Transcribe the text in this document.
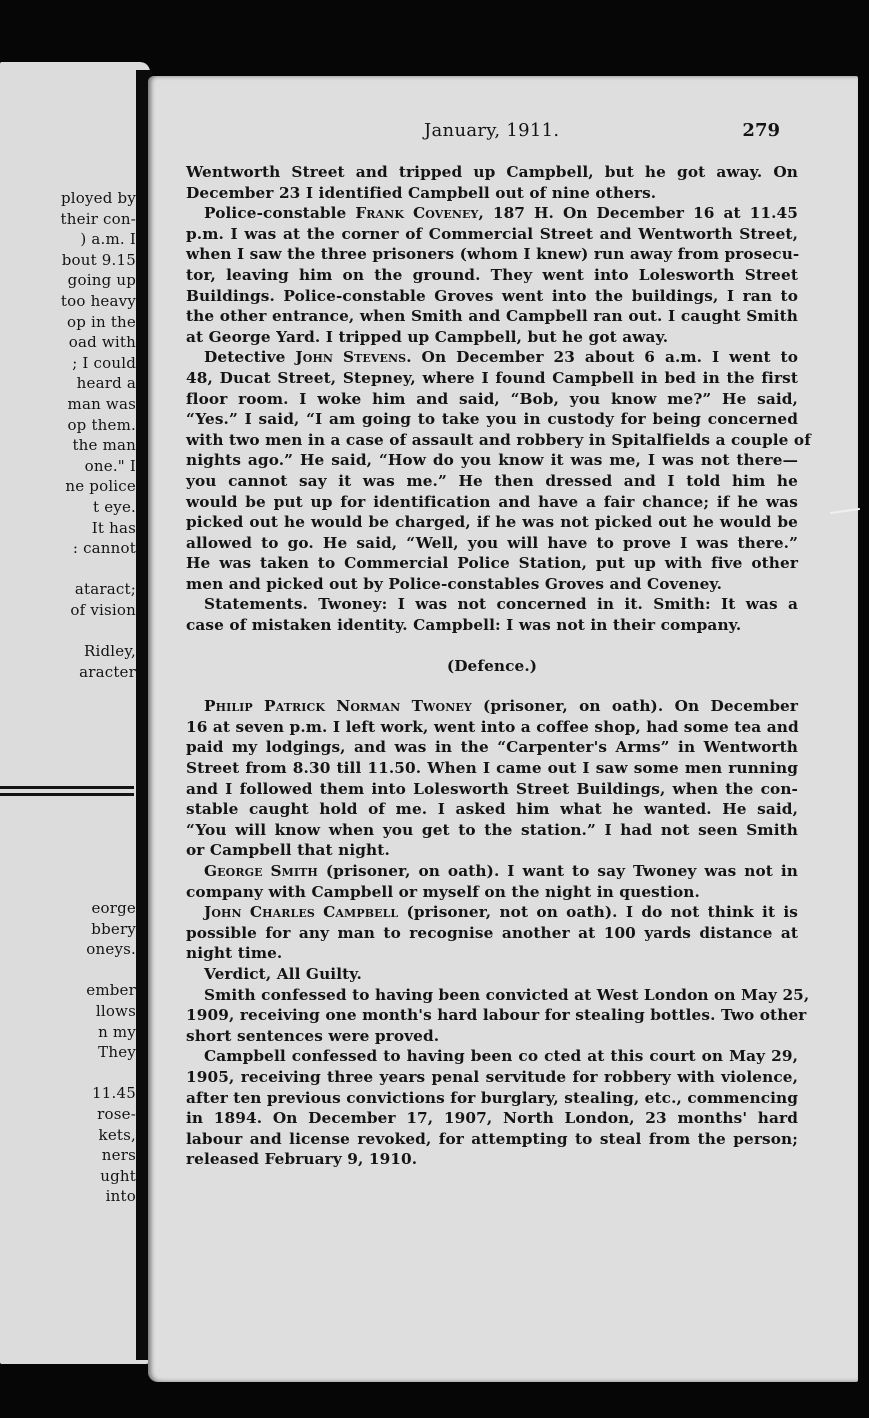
ployed by
their con-
) a.m. I
bout 9.15
going up
too heavy
op in the
oad with
; I could
heard a
man was
op them.
the man
one." I
ne police
t eye.
It has
: cannot
ataract;
of vision
Ridley,
aracter
eorge
bbery
oneys.
ember
llows
n my
They
11.45
rose-
kets,
ners
ught
into
January, 1911.	279
Wentworth Street and tripped up Campbell, but he got away. On
December 23 I identified Campbell out of nine others.
Police-constable Frank Coveney, 187 H. On December 16 at 11.45
p.m. I was at the corner of Commercial Street and Wentworth Street,
when I saw the three prisoners (whom I knew) run away from prosecu-
tor, leaving him on the ground. They went into Lolesworth Street
Buildings. Police-constable Groves went into the buildings, I ran to
the other entrance, when Smith and Campbell ran out. I caught Smith
at George Yard. I tripped up Campbell, but he got away.
Detective John Stevens. On December 23 about 6 a.m. I went to
48, Ducat Street, Stepney, where I found Campbell in bed in the first
floor room. I woke him and said, “Bob, you know me?” He said,
“Yes.” I said, “I am going to take you in custody for being concerned
with two men in a case of assault and robbery in Spitalfields a couple of
nights ago.” He said, “How do you know it was me, I was not there—
you cannot say it was me.” He then dressed and I told him he
would be put up for identification and have a fair chance; if he was
picked out he would be charged, if he was not picked out he would be
allowed to go. He said, “Well, you will have to prove I was there.”
He was taken to Commercial Police Station, put up with five other
men and picked out by Police-constables Groves and Coveney.
Statements. Twoney: I was not concerned in it. Smith: It was a
case of mistaken identity. Campbell: I was not in their company.
(Defence.)
Philip Patrick Norman Twoney (prisoner, on oath). On December
16 at seven p.m. I left work, went into a coffee shop, had some tea and
paid my lodgings, and was in the “Carpenter's Arms” in Wentworth
Street from 8.30 till 11.50. When I came out I saw some men running
and I followed them into Lolesworth Street Buildings, when the con-
stable caught hold of me. I asked him what he wanted. He said,
“You will know when you get to the station.” I had not seen Smith
or Campbell that night.
George Smith (prisoner, on oath). I want to say Twoney was not in
company with Campbell or myself on the night in question.
John Charles Campbell (prisoner, not on oath). I do not think it is
possible for any man to recognise another at 100 yards distance at
night time.
Verdict, All Guilty.
Smith confessed to having been convicted at West London on May 25,
1909, receiving one month's hard labour for stealing bottles. Two other
short sentences were proved.
Campbell confessed to having been co cted at this court on May 29,
1905, receiving three years penal servitude for robbery with violence,
after ten previous convictions for burglary, stealing, etc., commencing
in 1894. On December 17, 1907, North London, 23 months' hard
labour and license revoked, for attempting to steal from the person;
released February 9, 1910.
